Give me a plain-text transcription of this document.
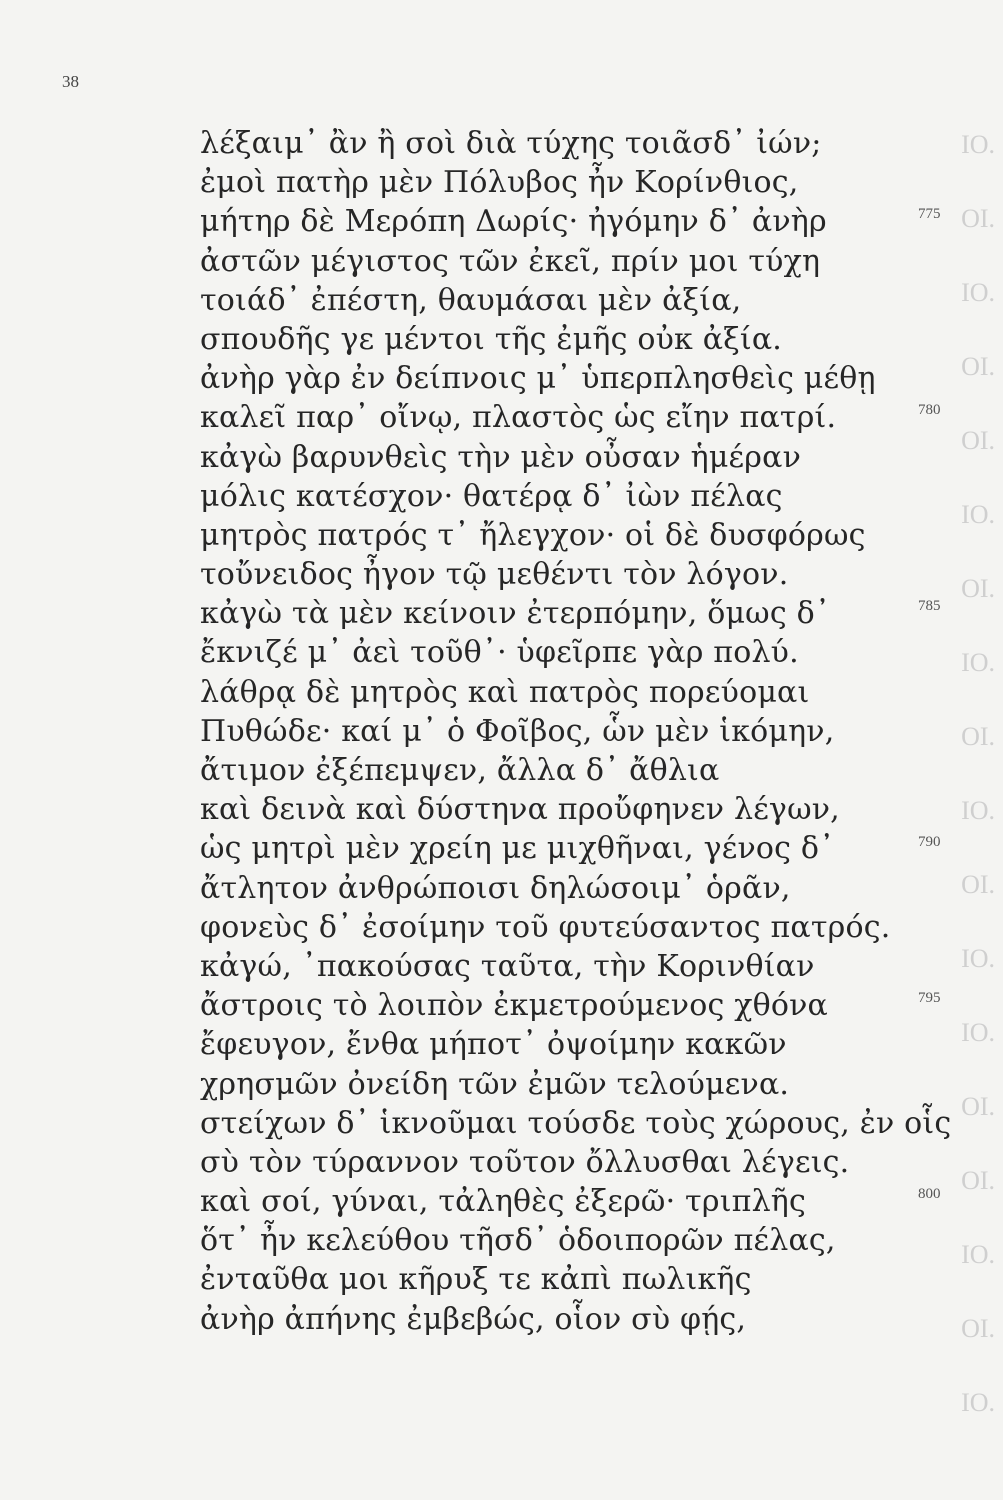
IO.
OI.
IO.
OI.
OI.
IO.
OI.
IO.
OI.
IO.
OI.
IO.
IO.
OI.
OI.
IO.
OI.
IO.
38
λέξαιμ᾽ ἂν ἢ σοὶ διὰ τύχης τοιᾶσδ᾽ ἰών;
ἐμοὶ πατὴρ μὲν Πόλυβος ἦν Κορίνθιος,
μήτηρ δὲ Μερόπη Δωρίς· ἠγόμην δ᾽ ἀνὴρ
ἀστῶν μέγιστος τῶν ἐκεῖ, πρίν μοι τύχη
τοιάδ᾽ ἐπέστη, θαυμάσαι μὲν ἀξία,
σπουδῆς γε μέντοι τῆς ἐμῆς οὐκ ἀξία.
ἀνὴρ γὰρ ἐν δείπνοις μ᾽ ὑπερπλησθεὶς μέθῃ
καλεῖ παρ᾽ οἴνῳ, πλαστὸς ὡς εἴην πατρί.
κἀγὼ βαρυνθεὶς τὴν μὲν οὖσαν ἡμέραν
μόλις κατέσχον· θατέρᾳ δ᾽ ἰὼν πέλας
μητρὸς πατρός τ᾽ ἤλεγχον· οἱ δὲ δυσφόρως
τοὔνειδος ἦγον τῷ μεθέντι τὸν λόγον.
κἀγὼ τὰ μὲν κείνοιν ἐτερπόμην, ὅμως δ᾽
ἔκνιζέ μ᾽ ἀεὶ τοῦθ᾽· ὑφεῖρπε γὰρ πολύ.
λάθρᾳ δὲ μητρὸς καὶ πατρὸς πορεύομαι
Πυθώδε· καί μ᾽ ὁ Φοῖβος, ὧν μὲν ἱκόμην,
ἄτιμον ἐξέπεμψεν, ἄλλα δ᾽ ἄθλια
καὶ δεινὰ καὶ δύστηνα προὔφηνεν λέγων,
ὡς μητρὶ μὲν χρείη με μιχθῆναι, γένος δ᾽
ἄτλητον ἀνθρώποισι δηλώσοιμ᾽ ὁρᾶν,
φονεὺς δ᾽ ἐσοίμην τοῦ φυτεύσαντος πατρός.
κἀγώ, ᾽πακούσας ταῦτα, τὴν Κορινθίαν
ἄστροις τὸ λοιπὸν ἐκμετρούμενος χθόνα
ἔφευγον, ἔνθα μήποτ᾽ ὀψοίμην κακῶν
χρησμῶν ὀνείδη τῶν ἐμῶν τελούμενα.
στείχων δ᾽ ἱκνοῦμαι τούσδε τοὺς χώρους, ἐν οἷς
σὺ τὸν τύραννον τοῦτον ὄλλυσθαι λέγεις.
καὶ σοί, γύναι, τἀληθὲς ἐξερῶ· τριπλῆς
ὅτ᾽ ἦν κελεύθου τῆσδ᾽ ὁδοιπορῶν πέλας,
ἐνταῦθα μοι κῆρυξ τε κἀπὶ πωλικῆς
ἀνὴρ ἀπήνης ἐμβεβώς, οἷον σὺ φῄς,
775
780
785
790
795
800
